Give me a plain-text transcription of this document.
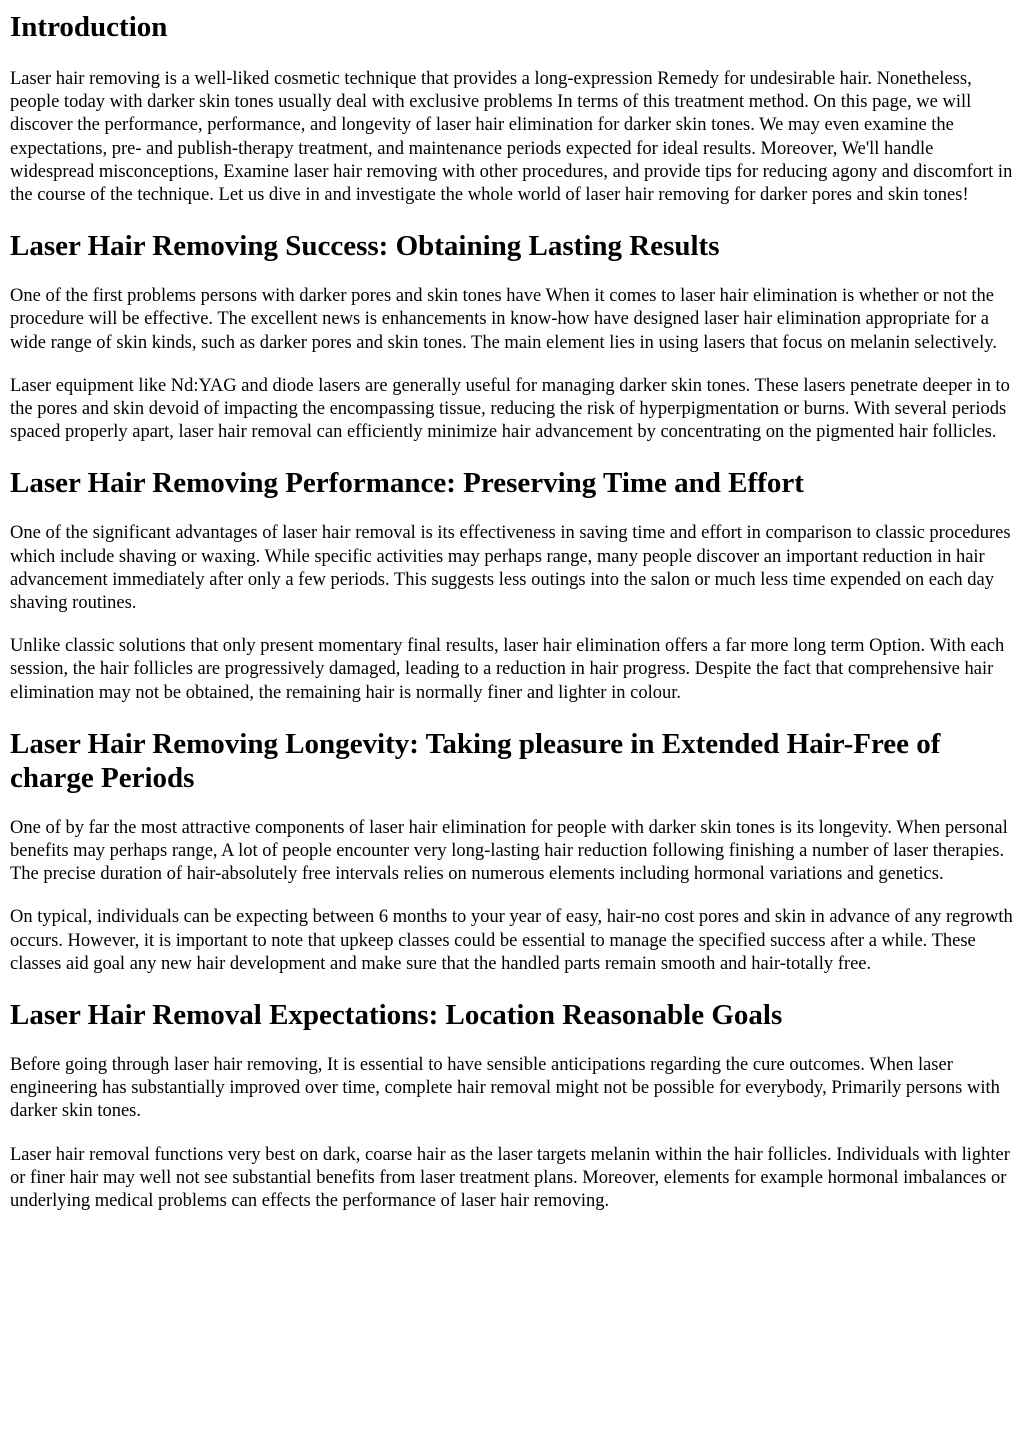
Introduction

Laser hair removing is a well-liked cosmetic technique that provides a long-expression Remedy for undesirable hair. Nonetheless, people today with darker skin tones usually deal with exclusive problems In terms of this treatment method. On this page, we will discover the performance, performance, and longevity of laser hair elimination for darker skin tones. We may even examine the expectations, pre- and publish-therapy treatment, and maintenance periods expected for ideal results. Moreover, We'll handle widespread misconceptions, Examine laser hair removing with other procedures, and provide tips for reducing agony and discomfort in the course of the technique. Let us dive in and investigate the whole world of laser hair removing for darker pores and skin tones!

Laser Hair Removing Success: Obtaining Lasting Results

One of the first problems persons with darker pores and skin tones have When it comes to laser hair elimination is whether or not the procedure will be effective. The excellent news is enhancements in know-how have designed laser hair elimination appropriate for a wide range of skin kinds, such as darker pores and skin tones. The main element lies in using lasers that focus on melanin selectively.

Laser equipment like Nd:YAG and diode lasers are generally useful for managing darker skin tones. These lasers penetrate deeper in to the pores and skin devoid of impacting the encompassing tissue, reducing the risk of hyperpigmentation or burns. With several periods spaced properly apart, laser hair removal can efficiently minimize hair advancement by concentrating on the pigmented hair follicles.

Laser Hair Removing Performance: Preserving Time and Effort

One of the significant advantages of laser hair removal is its effectiveness in saving time and effort in comparison to classic procedures which include shaving or waxing. While specific activities may perhaps range, many people discover an important reduction in hair advancement immediately after only a few periods. This suggests less outings into the salon or much less time expended on each day shaving routines.

Unlike classic solutions that only present momentary final results, laser hair elimination offers a far more long term Option. With each session, the hair follicles are progressively damaged, leading to a reduction in hair progress. Despite the fact that comprehensive hair elimination may not be obtained, the remaining hair is normally finer and lighter in colour.

Laser Hair Removing Longevity: Taking pleasure in Extended Hair-Free of charge Periods

One of by far the most attractive components of laser hair elimination for people with darker skin tones is its longevity. When personal benefits may perhaps range, A lot of people encounter very long-lasting hair reduction following finishing a number of laser therapies. The precise duration of hair-absolutely free intervals relies on numerous elements including hormonal variations and genetics.

On typical, individuals can be expecting between 6 months to your year of easy, hair-no cost pores and skin in advance of any regrowth occurs. However, it is important to note that upkeep classes could be essential to manage the specified success after a while. These classes aid goal any new hair development and make sure that the handled parts remain smooth and hair-totally free.

Laser Hair Removal Expectations: Location Reasonable Goals

Before going through laser hair removing, It is essential to have sensible anticipations regarding the cure outcomes. When laser engineering has substantially improved over time, complete hair removal might not be possible for everybody, Primarily persons with darker skin tones.

Laser hair removal functions very best on dark, coarse hair as the laser targets melanin within the hair follicles. Individuals with lighter or finer hair may well not see substantial benefits from laser treatment plans. Moreover, elements for example hormonal imbalances or underlying medical problems can effects the performance of laser hair removing.
